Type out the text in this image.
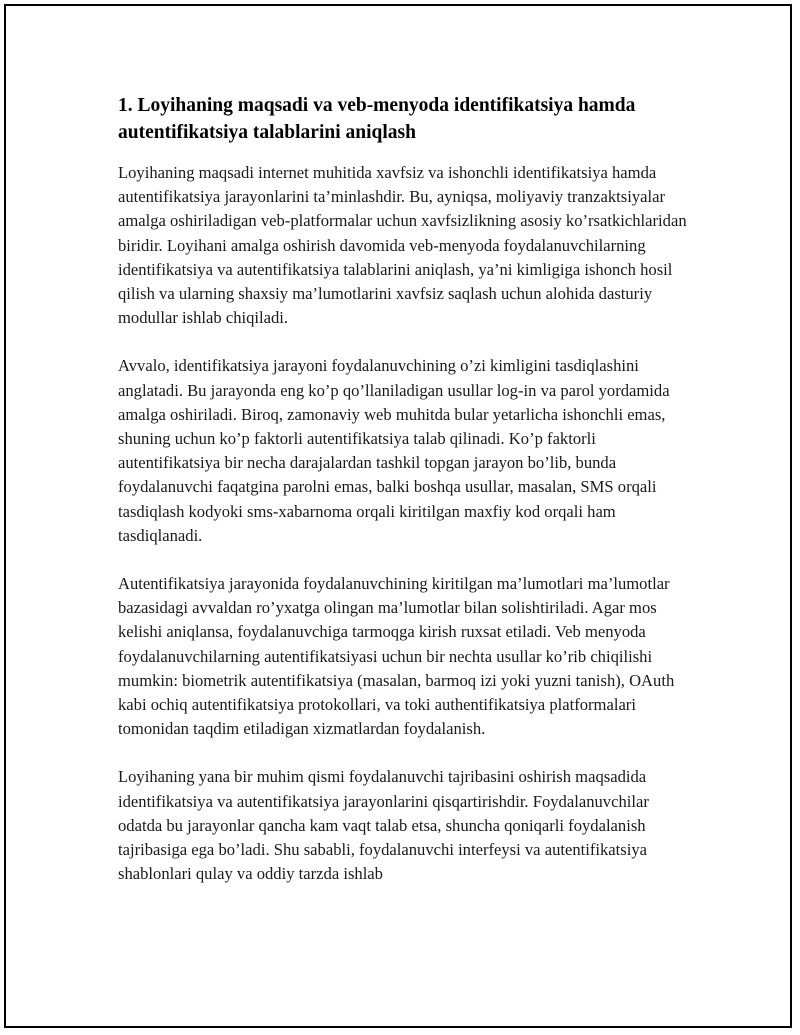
1. Loyihaning maqsadi va veb-menyoda identifikatsiya hamda autentifikatsiya talablarini aniqlash

Loyihaning maqsadi internet muhitida xavfsiz va ishonchli identifikatsiya hamda autentifikatsiya jarayonlarini ta’minlashdir. Bu, ayniqsa, moliyaviy tranzaktsiyalar amalga oshiriladigan veb-platformalar uchun xavfsizlikning asosiy ko’rsatkichlaridan biridir. Loyihani amalga oshirish davomida veb-menyoda foydalanuvchilarning identifikatsiya va autentifikatsiya talablarini aniqlash, ya’ni kimligiga ishonch hosil qilish va ularning shaxsiy ma’lumotlarini xavfsiz saqlash uchun alohida dasturiy modullar ishlab chiqiladi.

Avvalo, identifikatsiya jarayoni foydalanuvchining o’zi kimligini tasdiqlashini anglatadi. Bu jarayonda eng ko’p qo’llaniladigan usullar log-in va parol yordamida amalga oshiriladi. Biroq, zamonaviy web muhitda bular yetarlicha ishonchli emas, shuning uchun ko’p faktorli autentifikatsiya talab qilinadi. Ko’p faktorli autentifikatsiya bir necha darajalardan tashkil topgan jarayon bo’lib, bunda foydalanuvchi faqatgina parolni emas, balki boshqa usullar, masalan, SMS orqali tasdiqlash kodyoki sms-xabarnoma orqali kiritilgan maxfiy kod orqali ham tasdiqlanadi.

Autentifikatsiya jarayonida foydalanuvchining kiritilgan ma’lumotlari ma’lumotlar bazasidagi avvaldan ro’yxatga olingan ma’lumotlar bilan solishtiriladi. Agar mos kelishi aniqlansa, foydalanuvchiga tarmoqga kirish ruxsat etiladi. Veb menyoda foydalanuvchilarning autentifikatsiyasi uchun bir nechta usullar ko’rib chiqilishi mumkin: biometrik autentifikatsiya (masalan, barmoq izi yoki yuzni tanish), OAuth kabi ochiq autentifikatsiya protokollari, va toki authentifikatsiya platformalari tomonidan taqdim etiladigan xizmatlardan foydalanish.

Loyihaning yana bir muhim qismi foydalanuvchi tajribasini oshirish maqsadida identifikatsiya va autentifikatsiya jarayonlarini qisqartirishdir. Foydalanuvchilar odatda bu jarayonlar qancha kam vaqt talab etsa, shuncha qoniqarli foydalanish tajribasiga ega bo’ladi. Shu sababli, foydalanuvchi interfeysi va autentifikatsiya shablonlari qulay va oddiy tarzda ishlab
